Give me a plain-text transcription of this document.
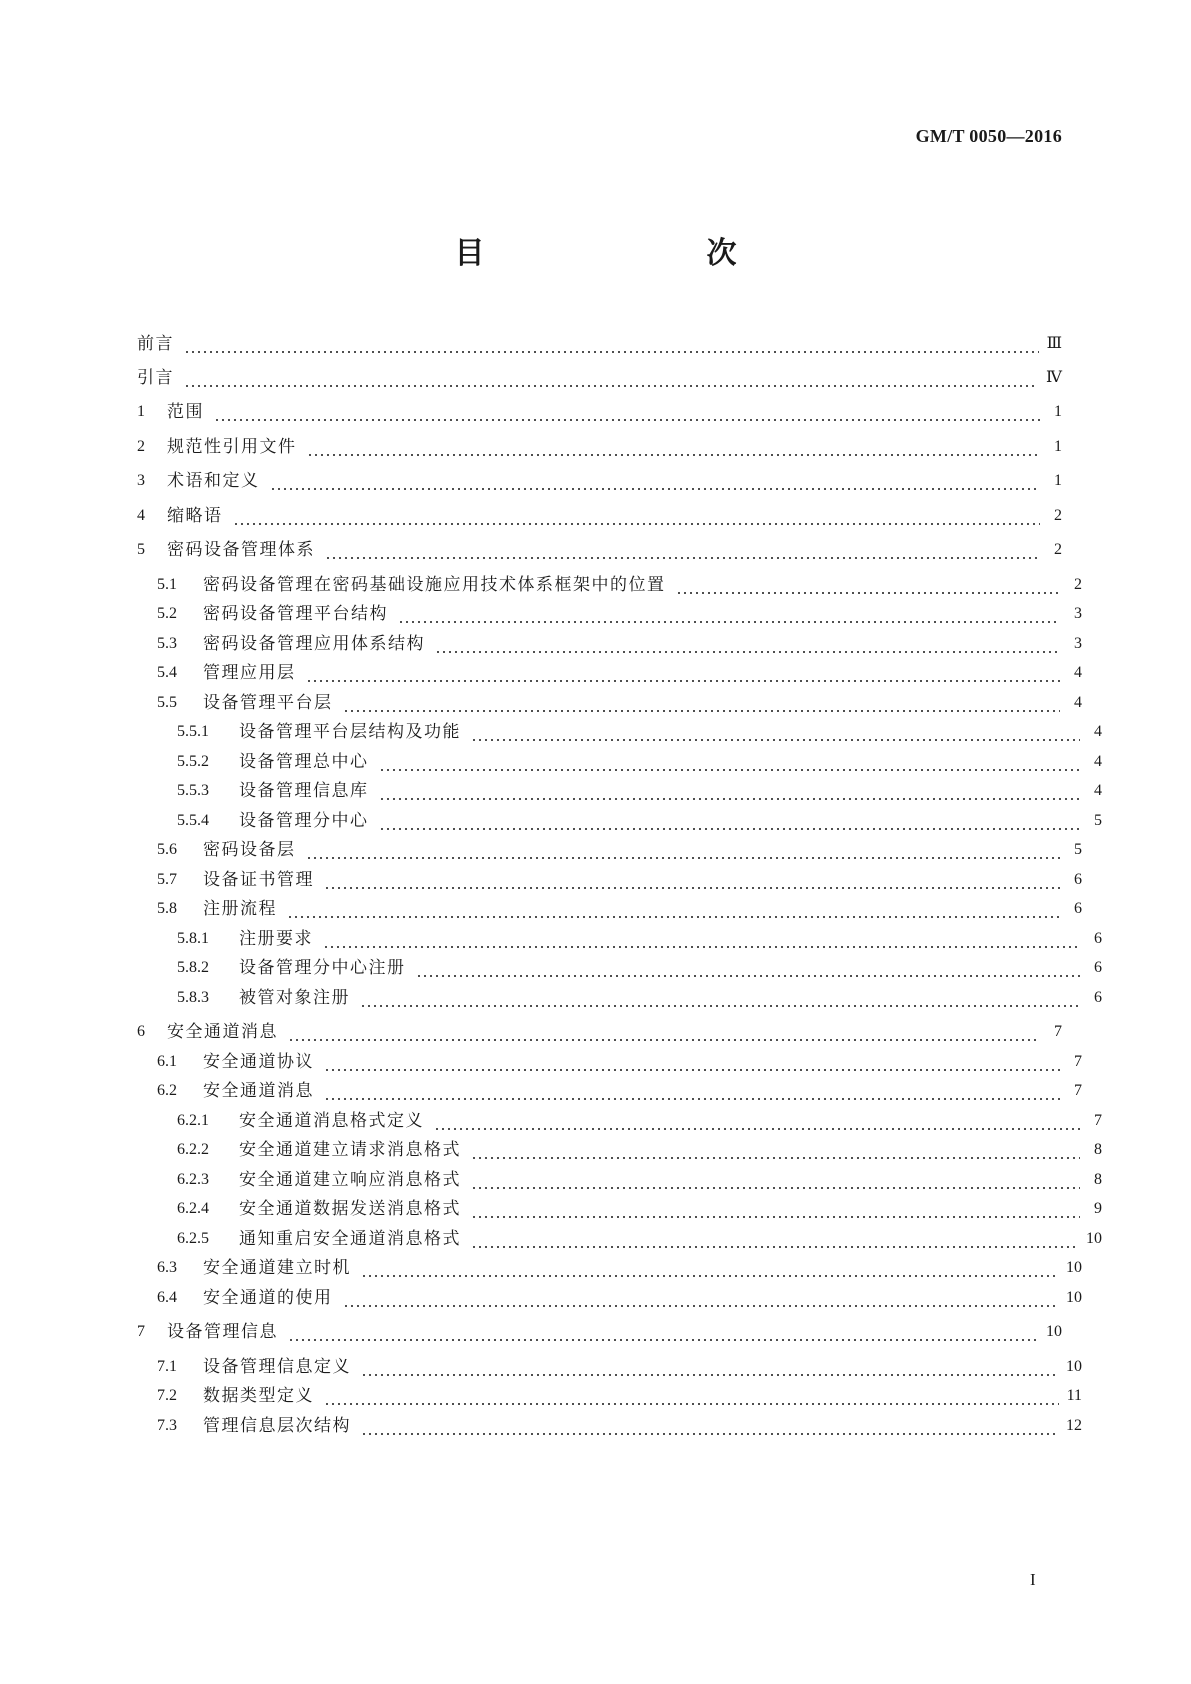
GM/T 0050—2016
目　　次
前言	Ⅲ
引言	Ⅳ
1	范围	1
2	规范性引用文件	1
3	术语和定义	1
4	缩略语	2
5	密码设备管理体系	2
5.1	密码设备管理在密码基础设施应用技术体系框架中的位置	2
5.2	密码设备管理平台结构	3
5.3	密码设备管理应用体系结构	3
5.4	管理应用层	4
5.5	设备管理平台层	4
5.5.1	设备管理平台层结构及功能	4
5.5.2	设备管理总中心	4
5.5.3	设备管理信息库	4
5.5.4	设备管理分中心	5
5.6	密码设备层	5
5.7	设备证书管理	6
5.8	注册流程	6
5.8.1	注册要求	6
5.8.2	设备管理分中心注册	6
5.8.3	被管对象注册	6
6	安全通道消息	7
6.1	安全通道协议	7
6.2	安全通道消息	7
6.2.1	安全通道消息格式定义	7
6.2.2	安全通道建立请求消息格式	8
6.2.3	安全通道建立响应消息格式	8
6.2.4	安全通道数据发送消息格式	9
6.2.5	通知重启安全通道消息格式	10
6.3	安全通道建立时机	10
6.4	安全通道的使用	10
7	设备管理信息	10
7.1	设备管理信息定义	10
7.2	数据类型定义	11
7.3	管理信息层次结构	12
I
